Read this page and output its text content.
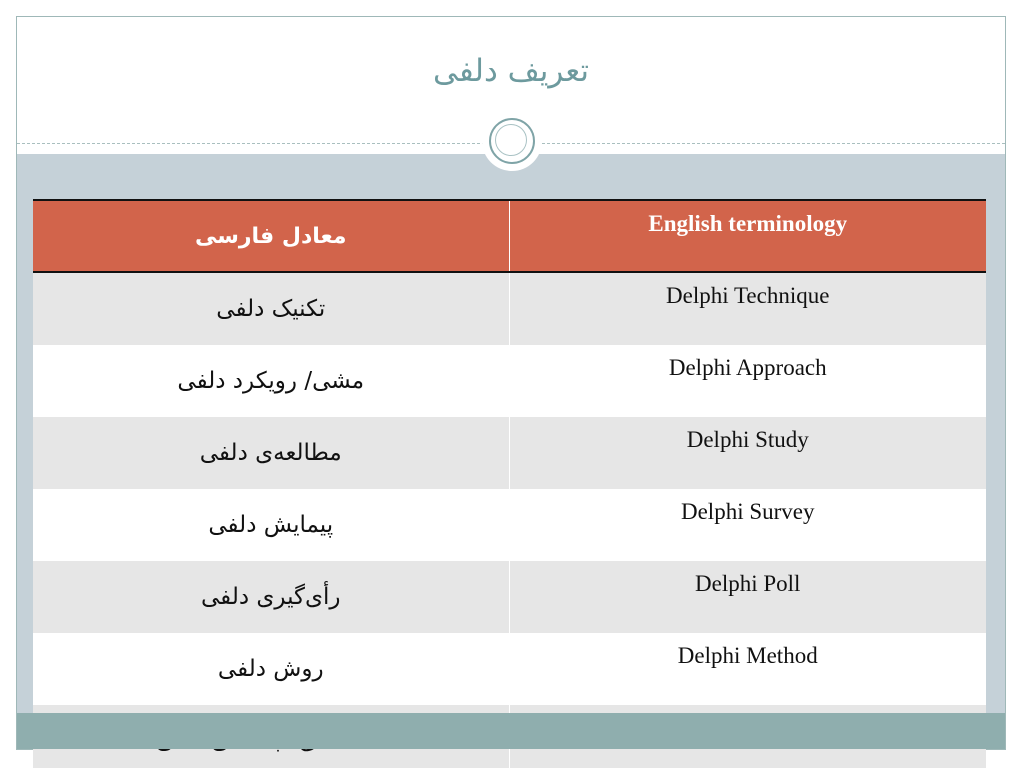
تعریف دلفی
معادل فارسی	English terminology
تکنیک دلفی	Delphi Technique
مشی/ رویکرد دلفی	Delphi Approach
مطالعه‌ی دلفی	Delphi Study
پیمایش دلفی	Delphi Survey
رأی‌گیری دلفی	Delphi Poll
روش دلفی	Delphi Method
